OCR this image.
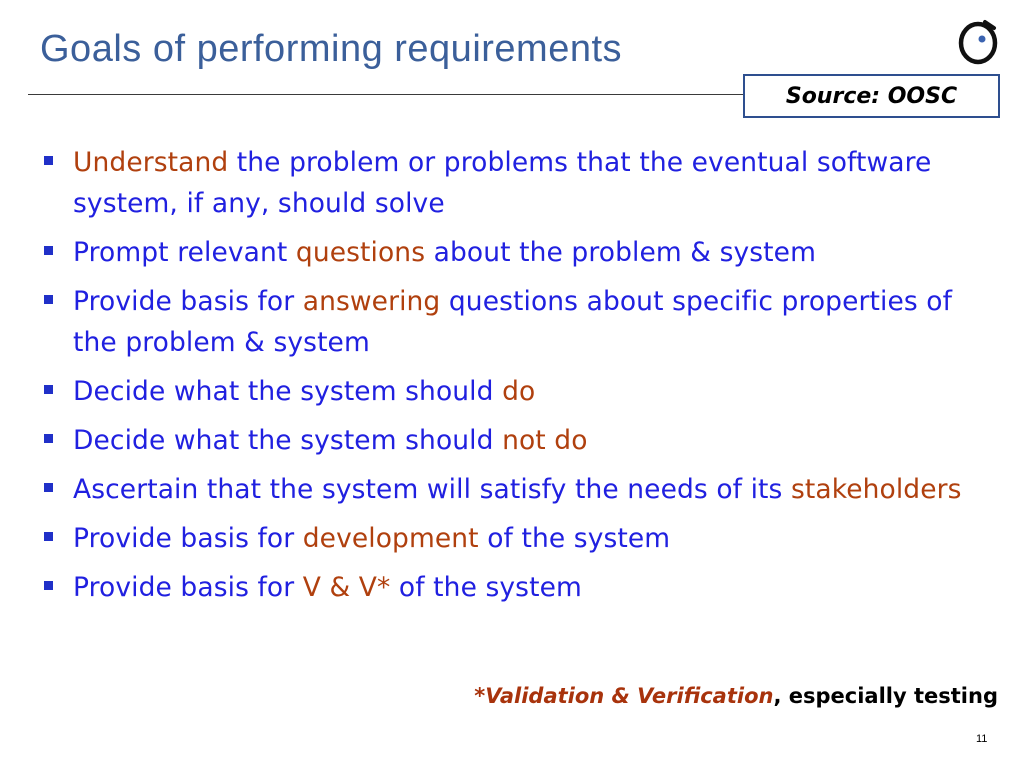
Goals of performing requirements
Source: OOSC
Understand the problem or problems that the eventual software system, if any, should solve
Prompt relevant questions about the problem & system
Provide basis for answering questions about specific properties of the problem & system
Decide what the system should do
Decide what the system should not do
Ascertain that the system will satisfy the needs of its stakeholders
Provide basis for development of the system
Provide basis for V & V* of the system
*Validation & Verification, especially testing
11
